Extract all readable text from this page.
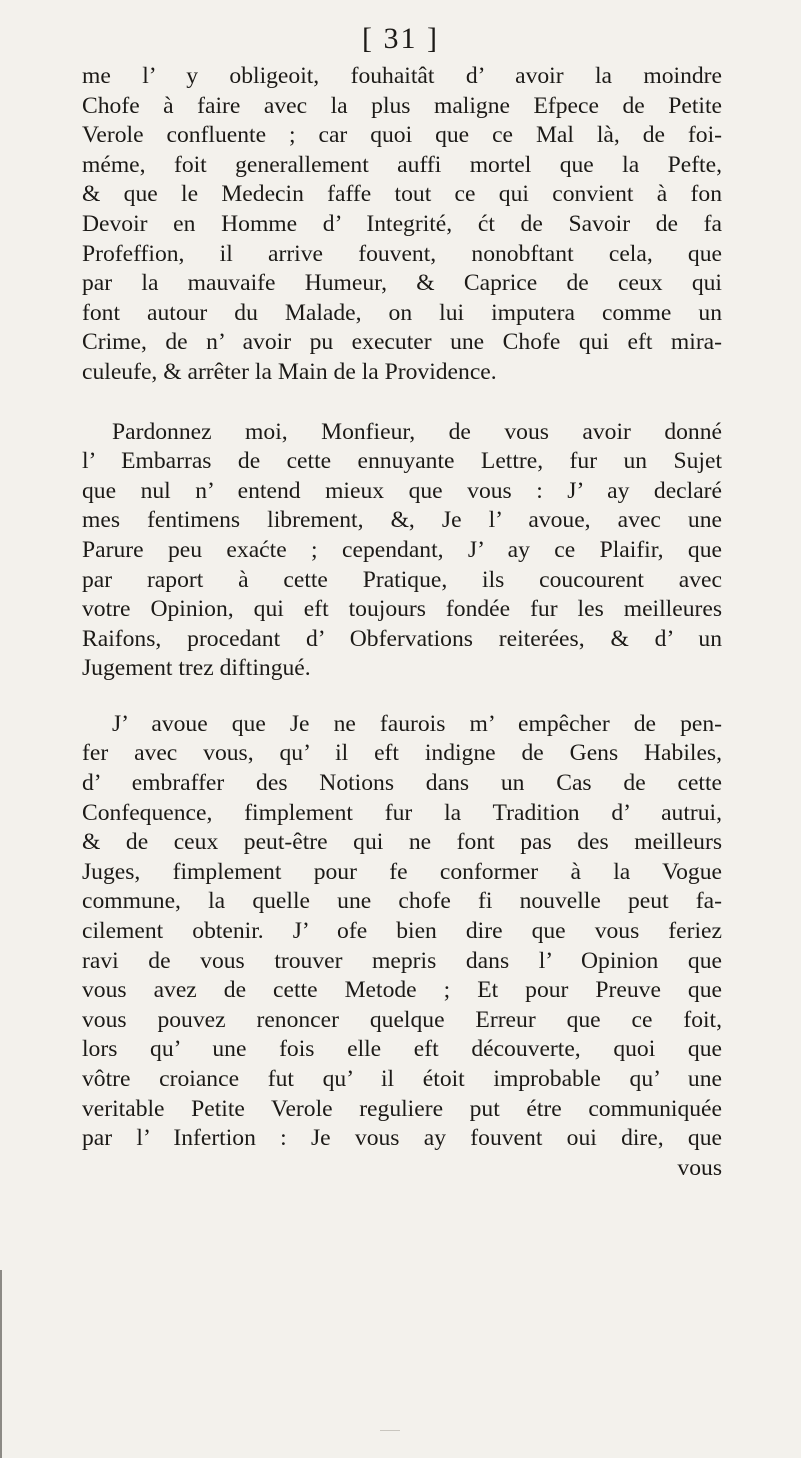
[ 31 ]
me l’ y obligeoit, fouhaitât d’ avoir la moindre
Chofe à faire avec la plus maligne Efpece de Petite
Verole confluente ; car quoi que ce Mal là, de foi-
méme, foit generallement auffi mortel que la Pefte,
& que le Medecin faffe tout ce qui convient à fon
Devoir en Homme d’ Integrité, ćt de Savoir de fa
Profeffion, il arrive fouvent, nonobftant cela, que
par la mauvaife Humeur, & Caprice de ceux qui
font autour du Malade, on lui imputera comme un
Crime, de n’ avoir pu executer une Chofe qui eft mira-
culeufe, & arrêter la Main de la Providence.
Pardonnez moi, Monfieur, de vous avoir donné
l’ Embarras de cette ennuyante Lettre, fur un Sujet
que nul n’ entend mieux que vous : J’ ay declaré
mes fentimens librement, &, Je l’ avoue, avec une
Parure peu exaćte ; cependant, J’ ay ce Plaifir, que
par raport à cette Pratique, ils coucourent avec
votre Opinion, qui eft toujours fondée fur les meilleures
Raifons, procedant d’ Obfervations reiterées, & d’ un
Jugement trez diftingué.
J’ avoue que Je ne faurois m’ empêcher de pen-
fer avec vous, qu’ il eft indigne de Gens Habiles,
d’ embraffer des Notions dans un Cas de cette
Confequence, fimplement fur la Tradition d’ autrui,
& de ceux peut-être qui ne font pas des meilleurs
Juges, fimplement pour fe conformer à la Vogue
commune, la quelle une chofe fi nouvelle peut fa-
cilement obtenir. J’ ofe bien dire que vous feriez
ravi de vous trouver mepris dans l’ Opinion que
vous avez de cette Metode ; Et pour Preuve que
vous pouvez renoncer quelque Erreur que ce foit,
lors qu’ une fois elle eft découverte, quoi que
vôtre croiance fut qu’ il étoit improbable qu’ une
veritable Petite Verole reguliere put étre communiquée
par l’ Infertion : Je vous ay fouvent oui dire, que
vous
